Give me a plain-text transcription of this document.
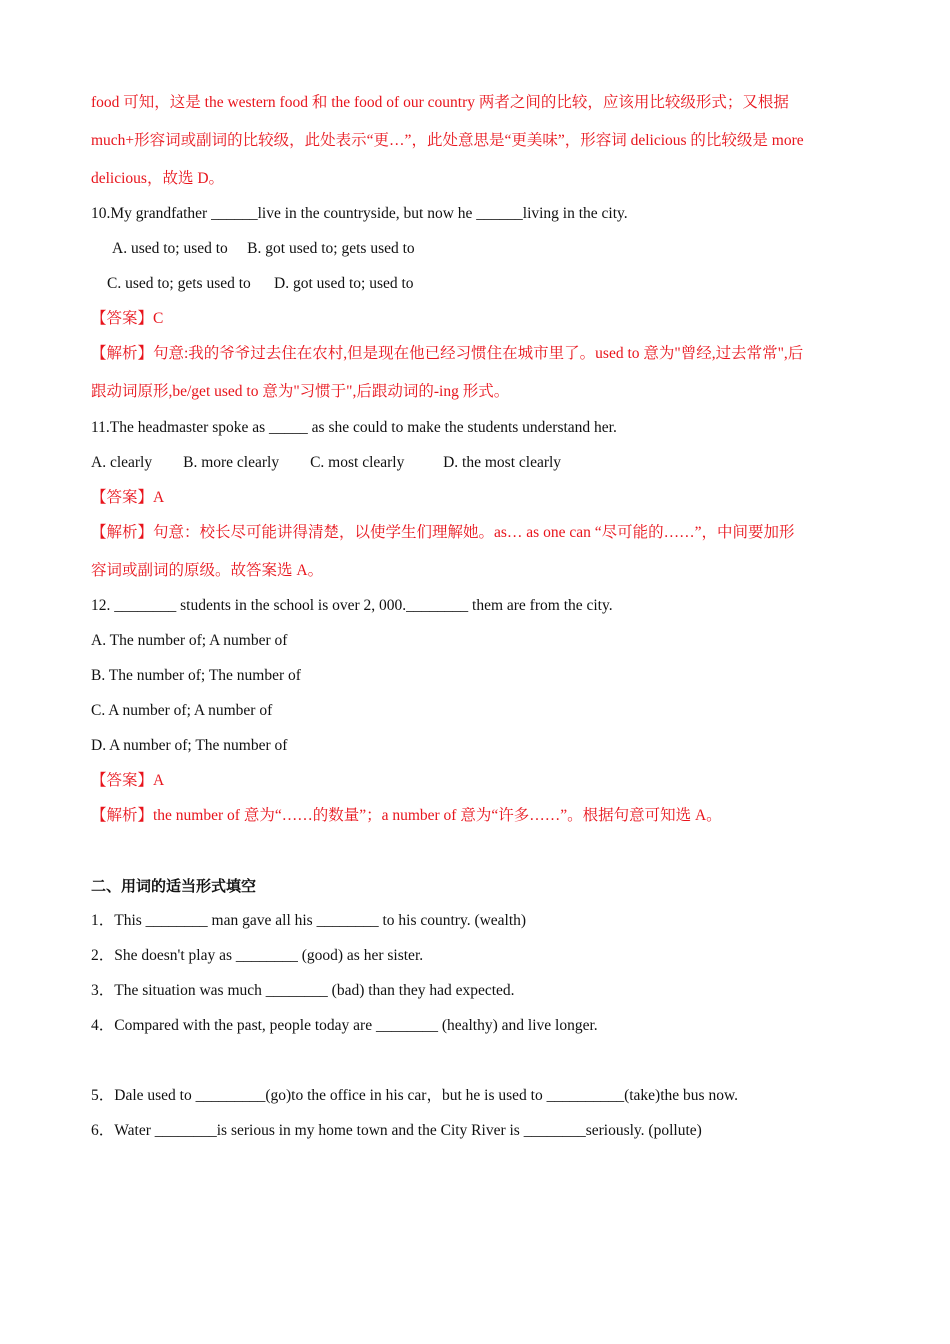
food 可知，这是 the western food 和 the food of our country 两者之间的比较，应该用比较级形式；又根据
much+形容词或副词的比较级，此处表示“更…”，此处意思是“更美味”，形容词 delicious 的比较级是 more
delicious，故选 D。
10.My grandfather ______live in the countryside, but now he ______living in the city.
A. used to; used to     B. got used to; gets used to
C. used to; gets used to      D. got used to; used to
【答案】C
【解析】句意:我的爷爷过去住在农村,但是现在他已经习惯住在城市里了。used to 意为"曾经,过去常常",后
跟动词原形,be/get used to 意为"习惯于",后跟动词的-ing 形式。
11.The headmaster spoke as _____ as she could to make the students understand her.
A. clearly        B. more clearly        C. most clearly          D. the most clearly
【答案】A
【解析】句意：校长尽可能讲得清楚，以使学生们理解她。as… as one can “尽可能的……”，中间要加形
容词或副词的原级。故答案选 A。
12. ________ students in the school is over 2, 000.________ them are from the city.
A. The number of; A number of
B. The number of; The number of
C. A number of; A number of
D. A number of; The number of
【答案】A
【解析】the number of 意为“……的数量”；a number of 意为“许多……”。根据句意可知选 A。
二、用词的适当形式填空
1．This ________ man gave all his ________ to his country. (wealth)
2．She doesn't play as ________ (good) as her sister.
3．The situation was much ________ (bad) than they had expected.
4．Compared with the past, people today are ________ (healthy) and live longer.
5．Dale used to _________(go)to the office in his car，but he is used to __________(take)the bus now.
6．Water ________is serious in my home town and the City River is ________seriously. (pollute)
